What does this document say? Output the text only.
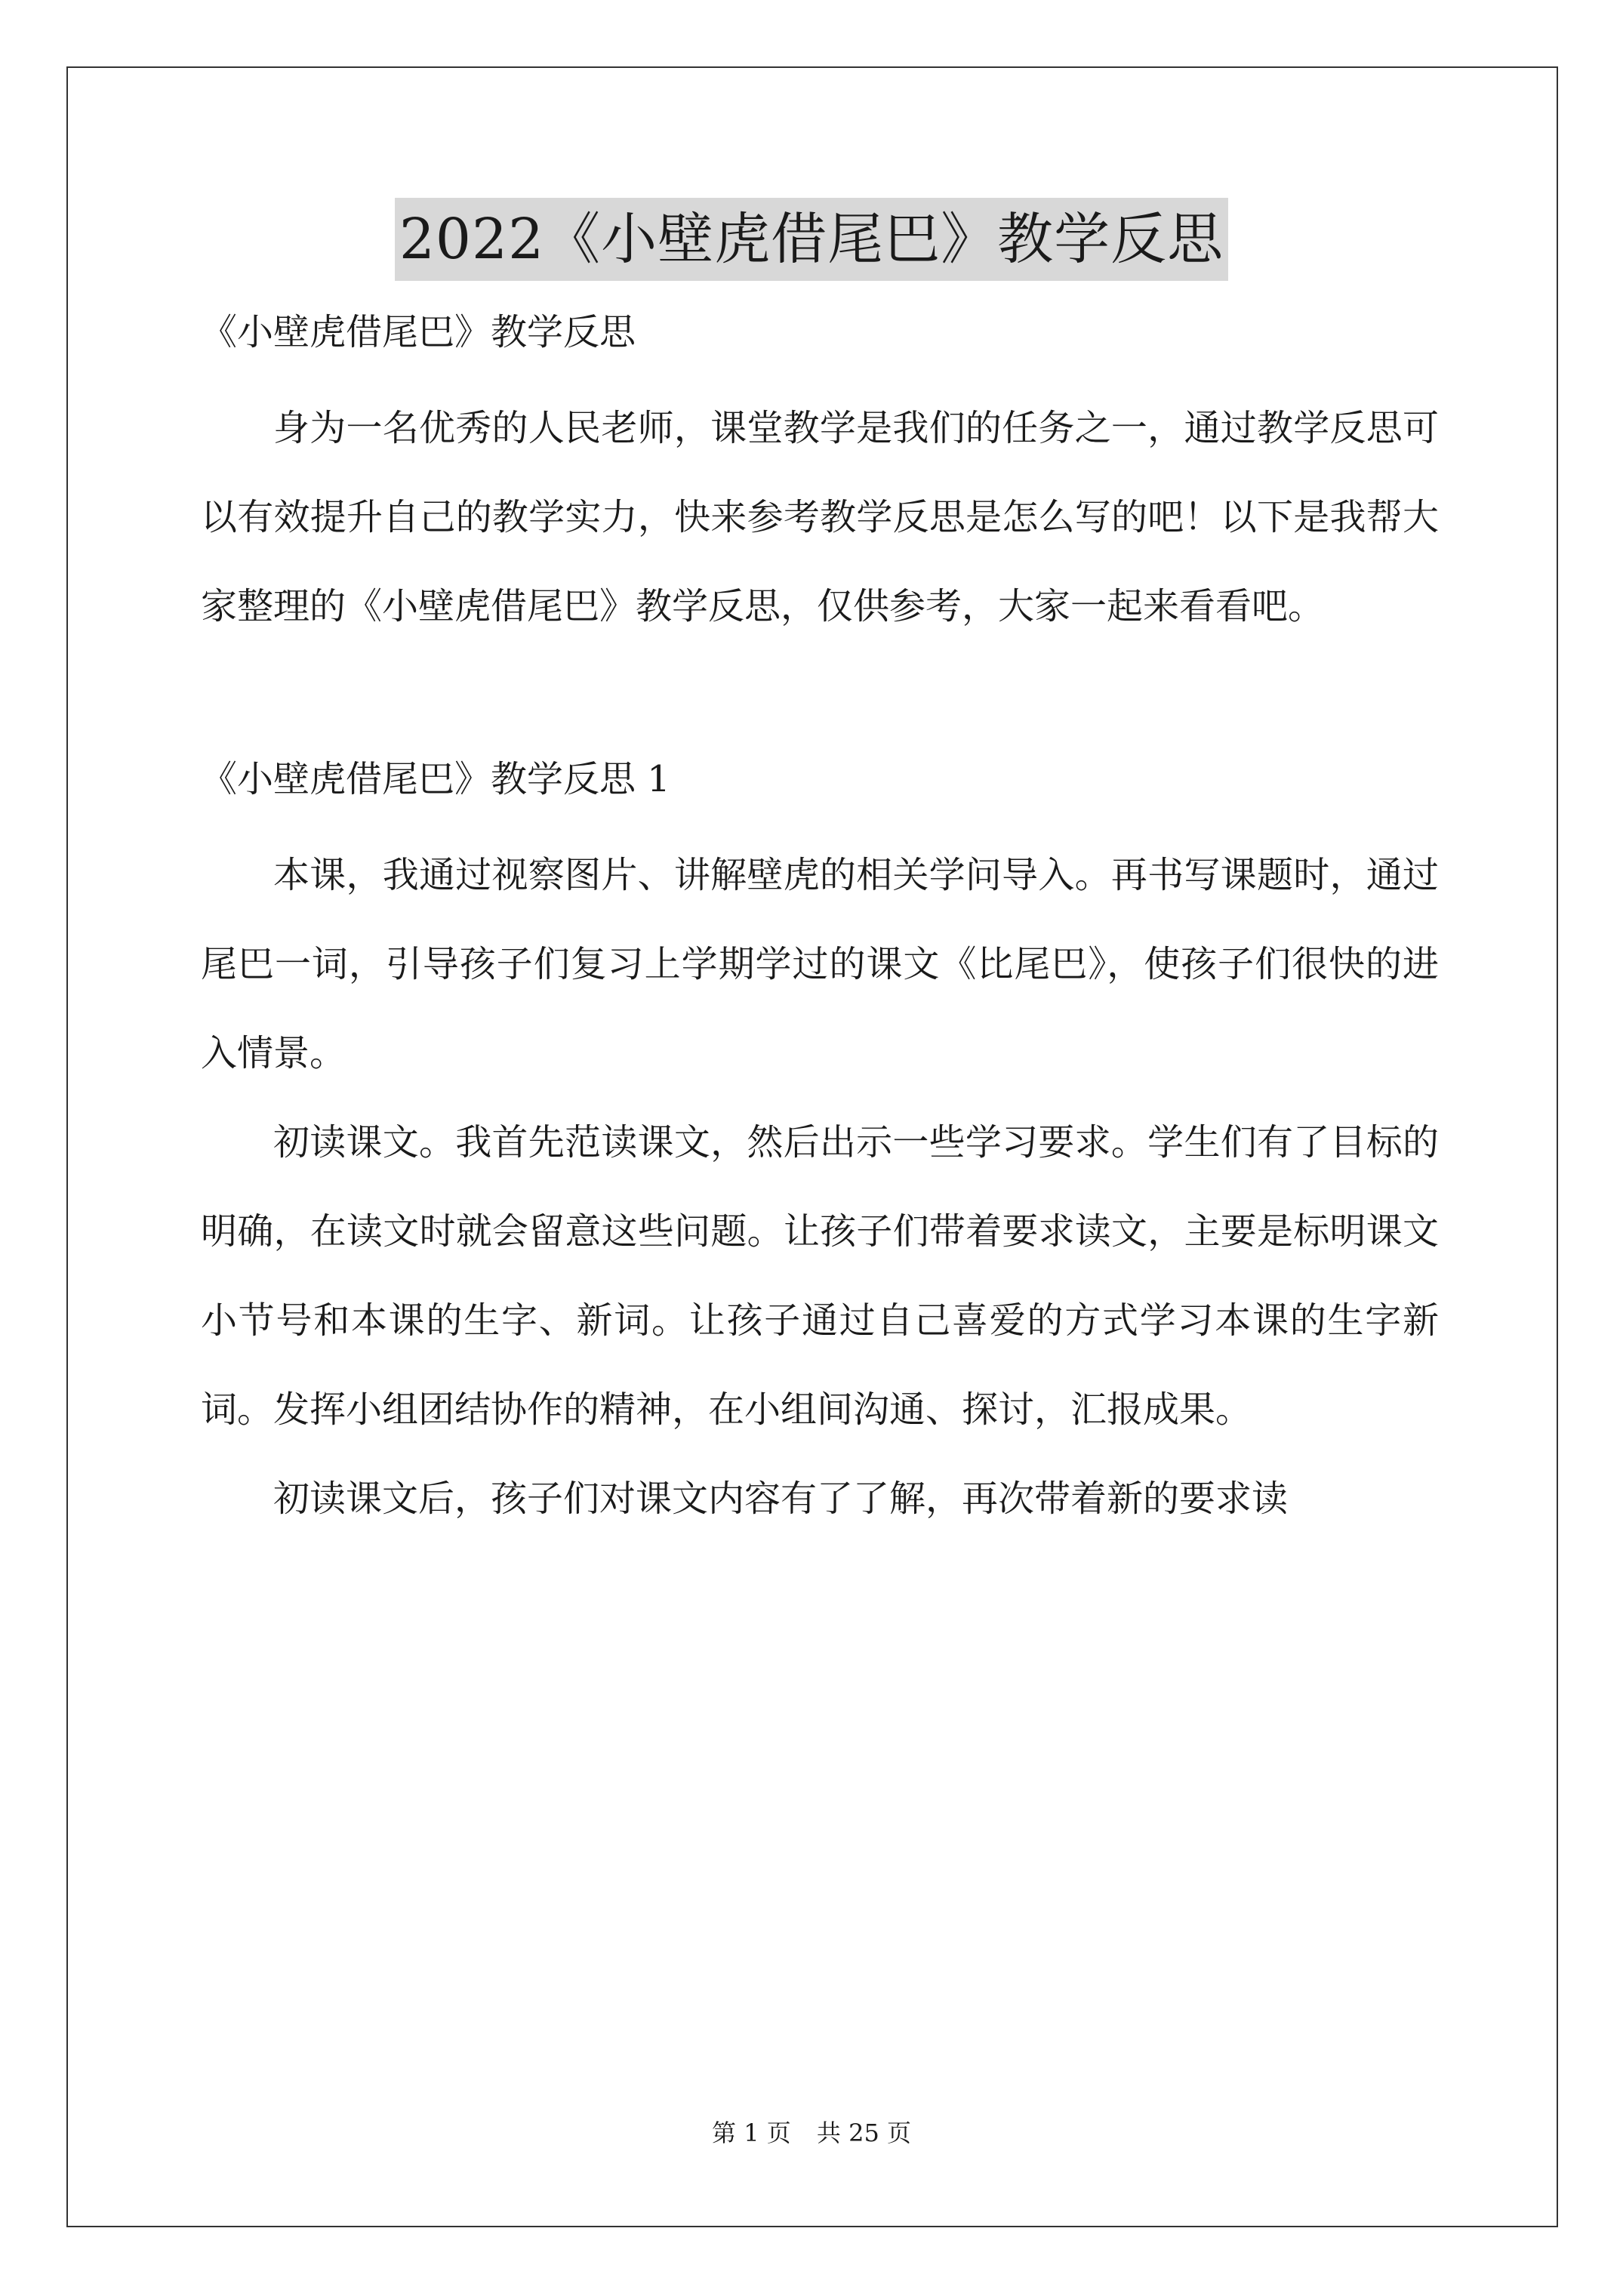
2022《小壁虎借尾巴》教学反思

《小壁虎借尾巴》教学反思

身为一名优秀的人民老师，课堂教学是我们的任务之一，通过教学反思可以有效提升自己的教学实力，快来参考教学反思是怎么写的吧！以下是我帮大家整理的《小壁虎借尾巴》教学反思，仅供参考，大家一起来看看吧。

《小壁虎借尾巴》教学反思 1

本课，我通过视察图片、讲解壁虎的相关学问导入。再书写课题时，通过尾巴一词，引导孩子们复习上学期学过的课文《比尾巴》，使孩子们很快的进入情景。

初读课文。我首先范读课文，然后出示一些学习要求。学生们有了目标的明确，在读文时就会留意这些问题。让孩子们带着要求读文，主要是标明课文小节号和本课的生字、新词。让孩子通过自己喜爱的方式学习本课的生字新词。发挥小组团结协作的精神，在小组间沟通、探讨，汇报成果。

初读课文后，孩子们对课文内容有了了解，再次带着新的要求读

第 1 页 共 25 页
